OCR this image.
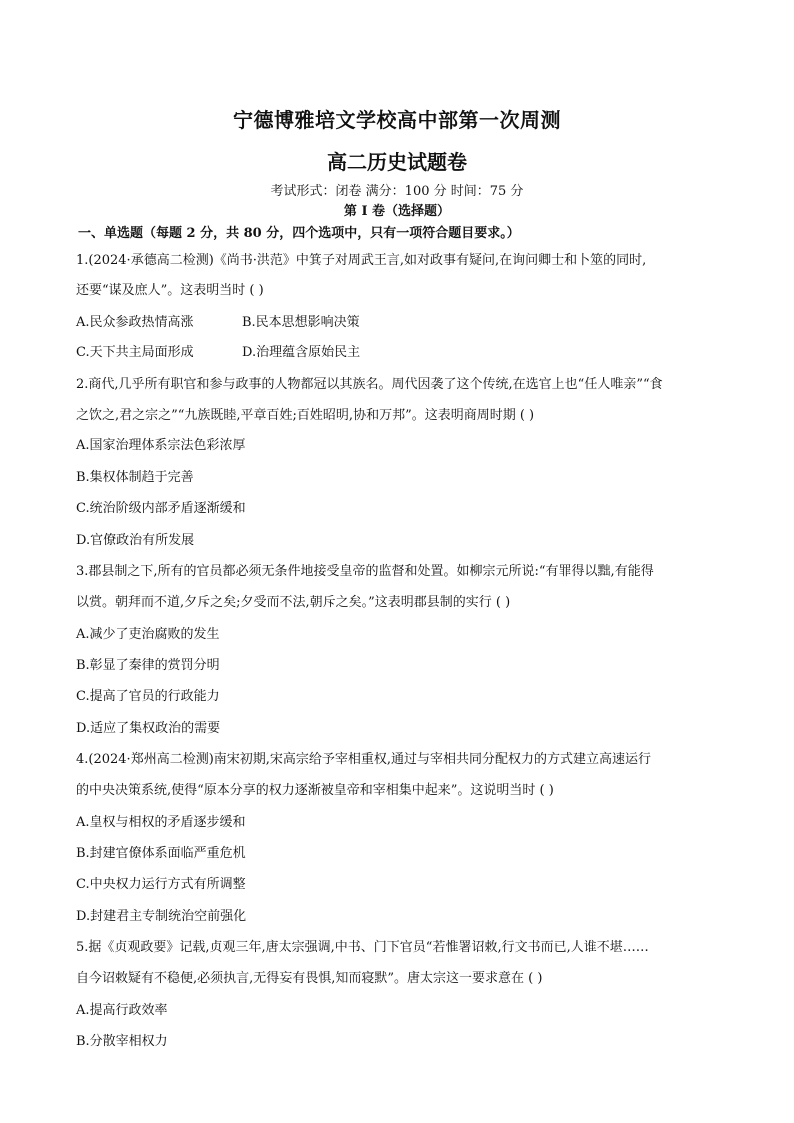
宁德博雅培文学校高中部第一次周测
高二历史试题卷
考试形式：闭卷 满分：100 分 时间：75 分
第 I 卷（选择题）
一、单选题（每题 2 分，共 80 分，四个选项中，只有一项符合题目要求。）
1.(2024·承德高二检测)《尚书·洪范》中箕子对周武王言,如对政事有疑问,在询问卿士和卜筮的同时,
还要“谋及庶人”。这表明当时 ( )
A.民众参政热情高涨	B.民本思想影响决策
C.天下共主局面形成	D.治理蕴含原始民主
2.商代,几乎所有职官和参与政事的人物都冠以其族名。周代因袭了这个传统,在选官上也“任人唯亲”“食
之饮之,君之宗之”“九族既睦,平章百姓;百姓昭明,协和万邦”。这表明商周时期 ( )
A.国家治理体系宗法色彩浓厚
B.集权体制趋于完善
C.统治阶级内部矛盾逐渐缓和
D.官僚政治有所发展
3.郡县制之下,所有的官员都必须无条件地接受皇帝的监督和处置。如柳宗元所说:“有罪得以黜,有能得
以赏。朝拜而不道,夕斥之矣;夕受而不法,朝斥之矣。”这表明郡县制的实行 ( )
A.减少了吏治腐败的发生
B.彰显了秦律的赏罚分明
C.提高了官员的行政能力
D.适应了集权政治的需要
4.(2024·郑州高二检测)南宋初期,宋高宗给予宰相重权,通过与宰相共同分配权力的方式建立高速运行
的中央决策系统,使得“原本分享的权力逐渐被皇帝和宰相集中起来”。这说明当时 ( )
A.皇权与相权的矛盾逐步缓和
B.封建官僚体系面临严重危机
C.中央权力运行方式有所调整
D.封建君主专制统治空前强化
5.据《贞观政要》记载,贞观三年,唐太宗强调,中书、门下官员“若惟署诏敕,行文书而已,人谁不堪……
自今诏敕疑有不稳便,必须执言,无得妄有畏惧,知而寝默”。唐太宗这一要求意在 ( )
A.提高行政效率
B.分散宰相权力
